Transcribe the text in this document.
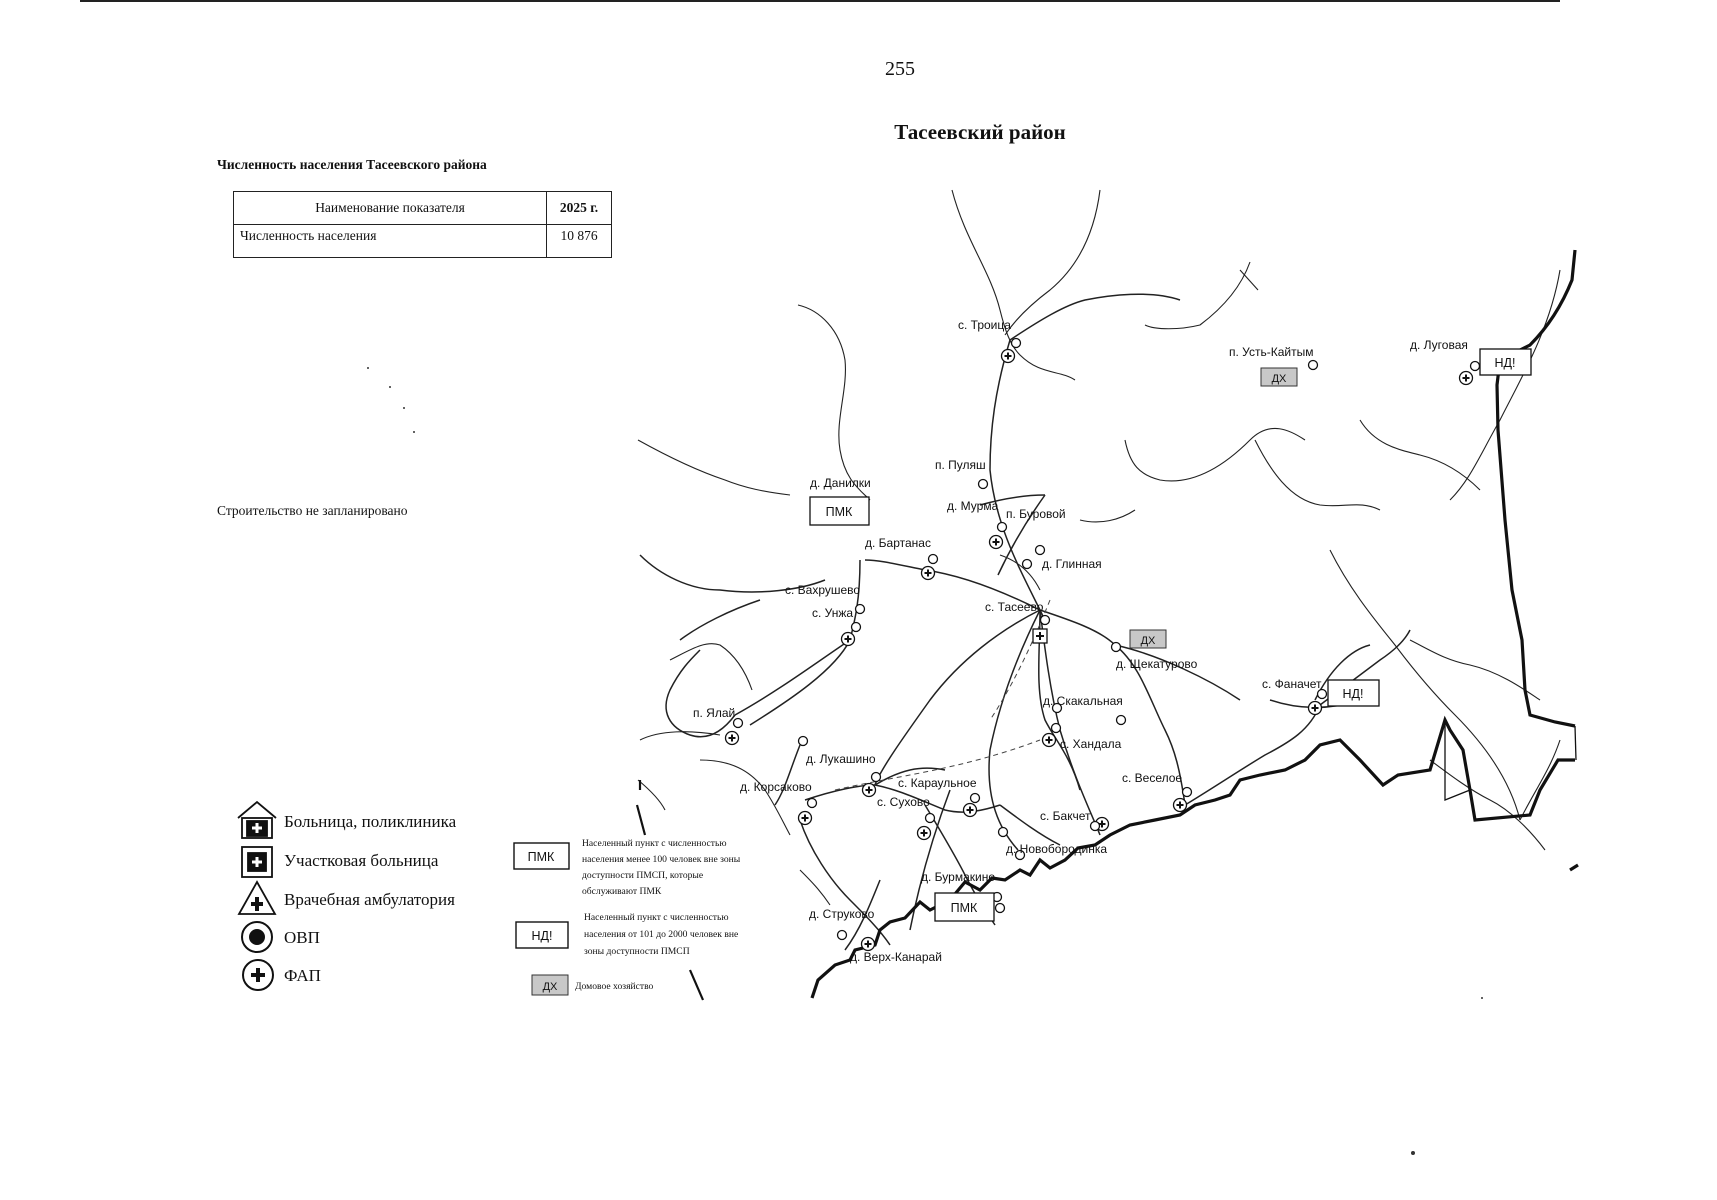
255
Тасеевский район
Численность населения Тасеевского района
Наименование показателя	2025 г.
Численность населения	10 876
Строительство не запланировано
с. Троица
п. Усть-Кайтым	д. Луговая
п. Пуляш
д. Данилки
д. Мурма
п. Буровой
д. Бартанас
д. Глинная
с. Вахрушево
с. Унжа	с. Тасеево
д. Щекатурово
д. Скакальная
с. Фаначет
п. Ялай
с. Хандала
д. Лукашино
с. Веселое
д. Корсаково	с. Караульное
с. Сухово
с. Бакчет
д. Новобородинка
д. Бурмакино
д. Струково
д. Верх-Канарай
ПМК
ПМК
НД!
НД!
ДХ
ДХ
Больница, поликлиника
Участковая больница
Врачебная амбулатория
ОВП
ФАП
ПМК
Населенный пункт с численностью
населения менее 100 человек вне зоны
доступности ПМСП, которые
обслуживают ПМК
НД!
Населенный пункт с численностью
населения от 101 до 2000 человек вне
зоны доступности ПМСП
ДХ Домовое хозяйство
